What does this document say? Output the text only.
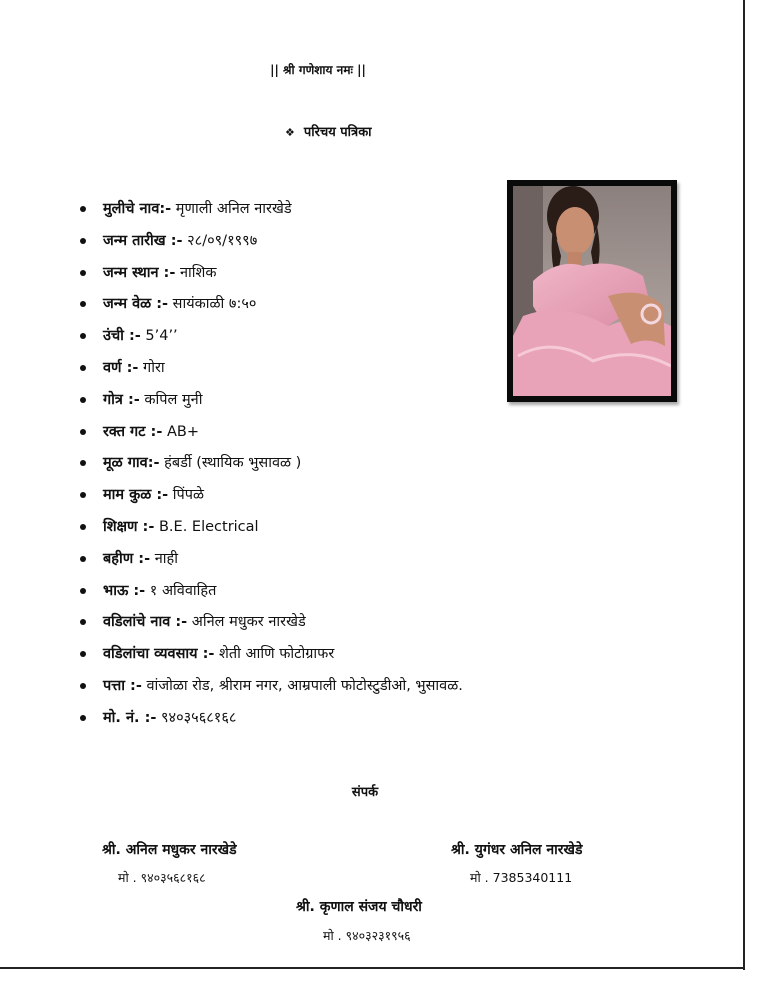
|| श्री गणेशाय नमः ||
❖ परिचय पत्रिका
मुलीचे नाव:- मृणाली अनिल नारखेडे
जन्म तारीख :- २८/०९/१९९७
जन्म स्थान :- नाशिक
जन्म वेळ :- सायंकाळी ७:५०
उंची :- 5’4’’
वर्ण :- गोरा
गोत्र :- कपिल मुनी
रक्त गट :- AB+
मूळ गाव:- हंबर्डी (स्थायिक भुसावळ )
माम कुळ :- पिंपळे
शिक्षण :- B.E. Electrical
बहीण :- नाही
भाऊ :- १ अविवाहित
वडिलांचे नाव :- अनिल मधुकर नारखेडे
वडिलांचा व्यवसाय :- शेती आणि फोटोग्राफर
पत्ता :- वांजोळा रोड, श्रीराम नगर, आम्रपाली फोटोस्टुडीओ, भुसावळ.
मो. नं. :- ९४०३५६८१६८
संपर्क
श्री. अनिल मधुकर नारखेडे
मो . ९४०३५६८१६८
श्री. युगंधर अनिल नारखेडे
मो . 7385340111
श्री. कृणाल संजय चौधरी
मो . ९४०३२३१९५६
